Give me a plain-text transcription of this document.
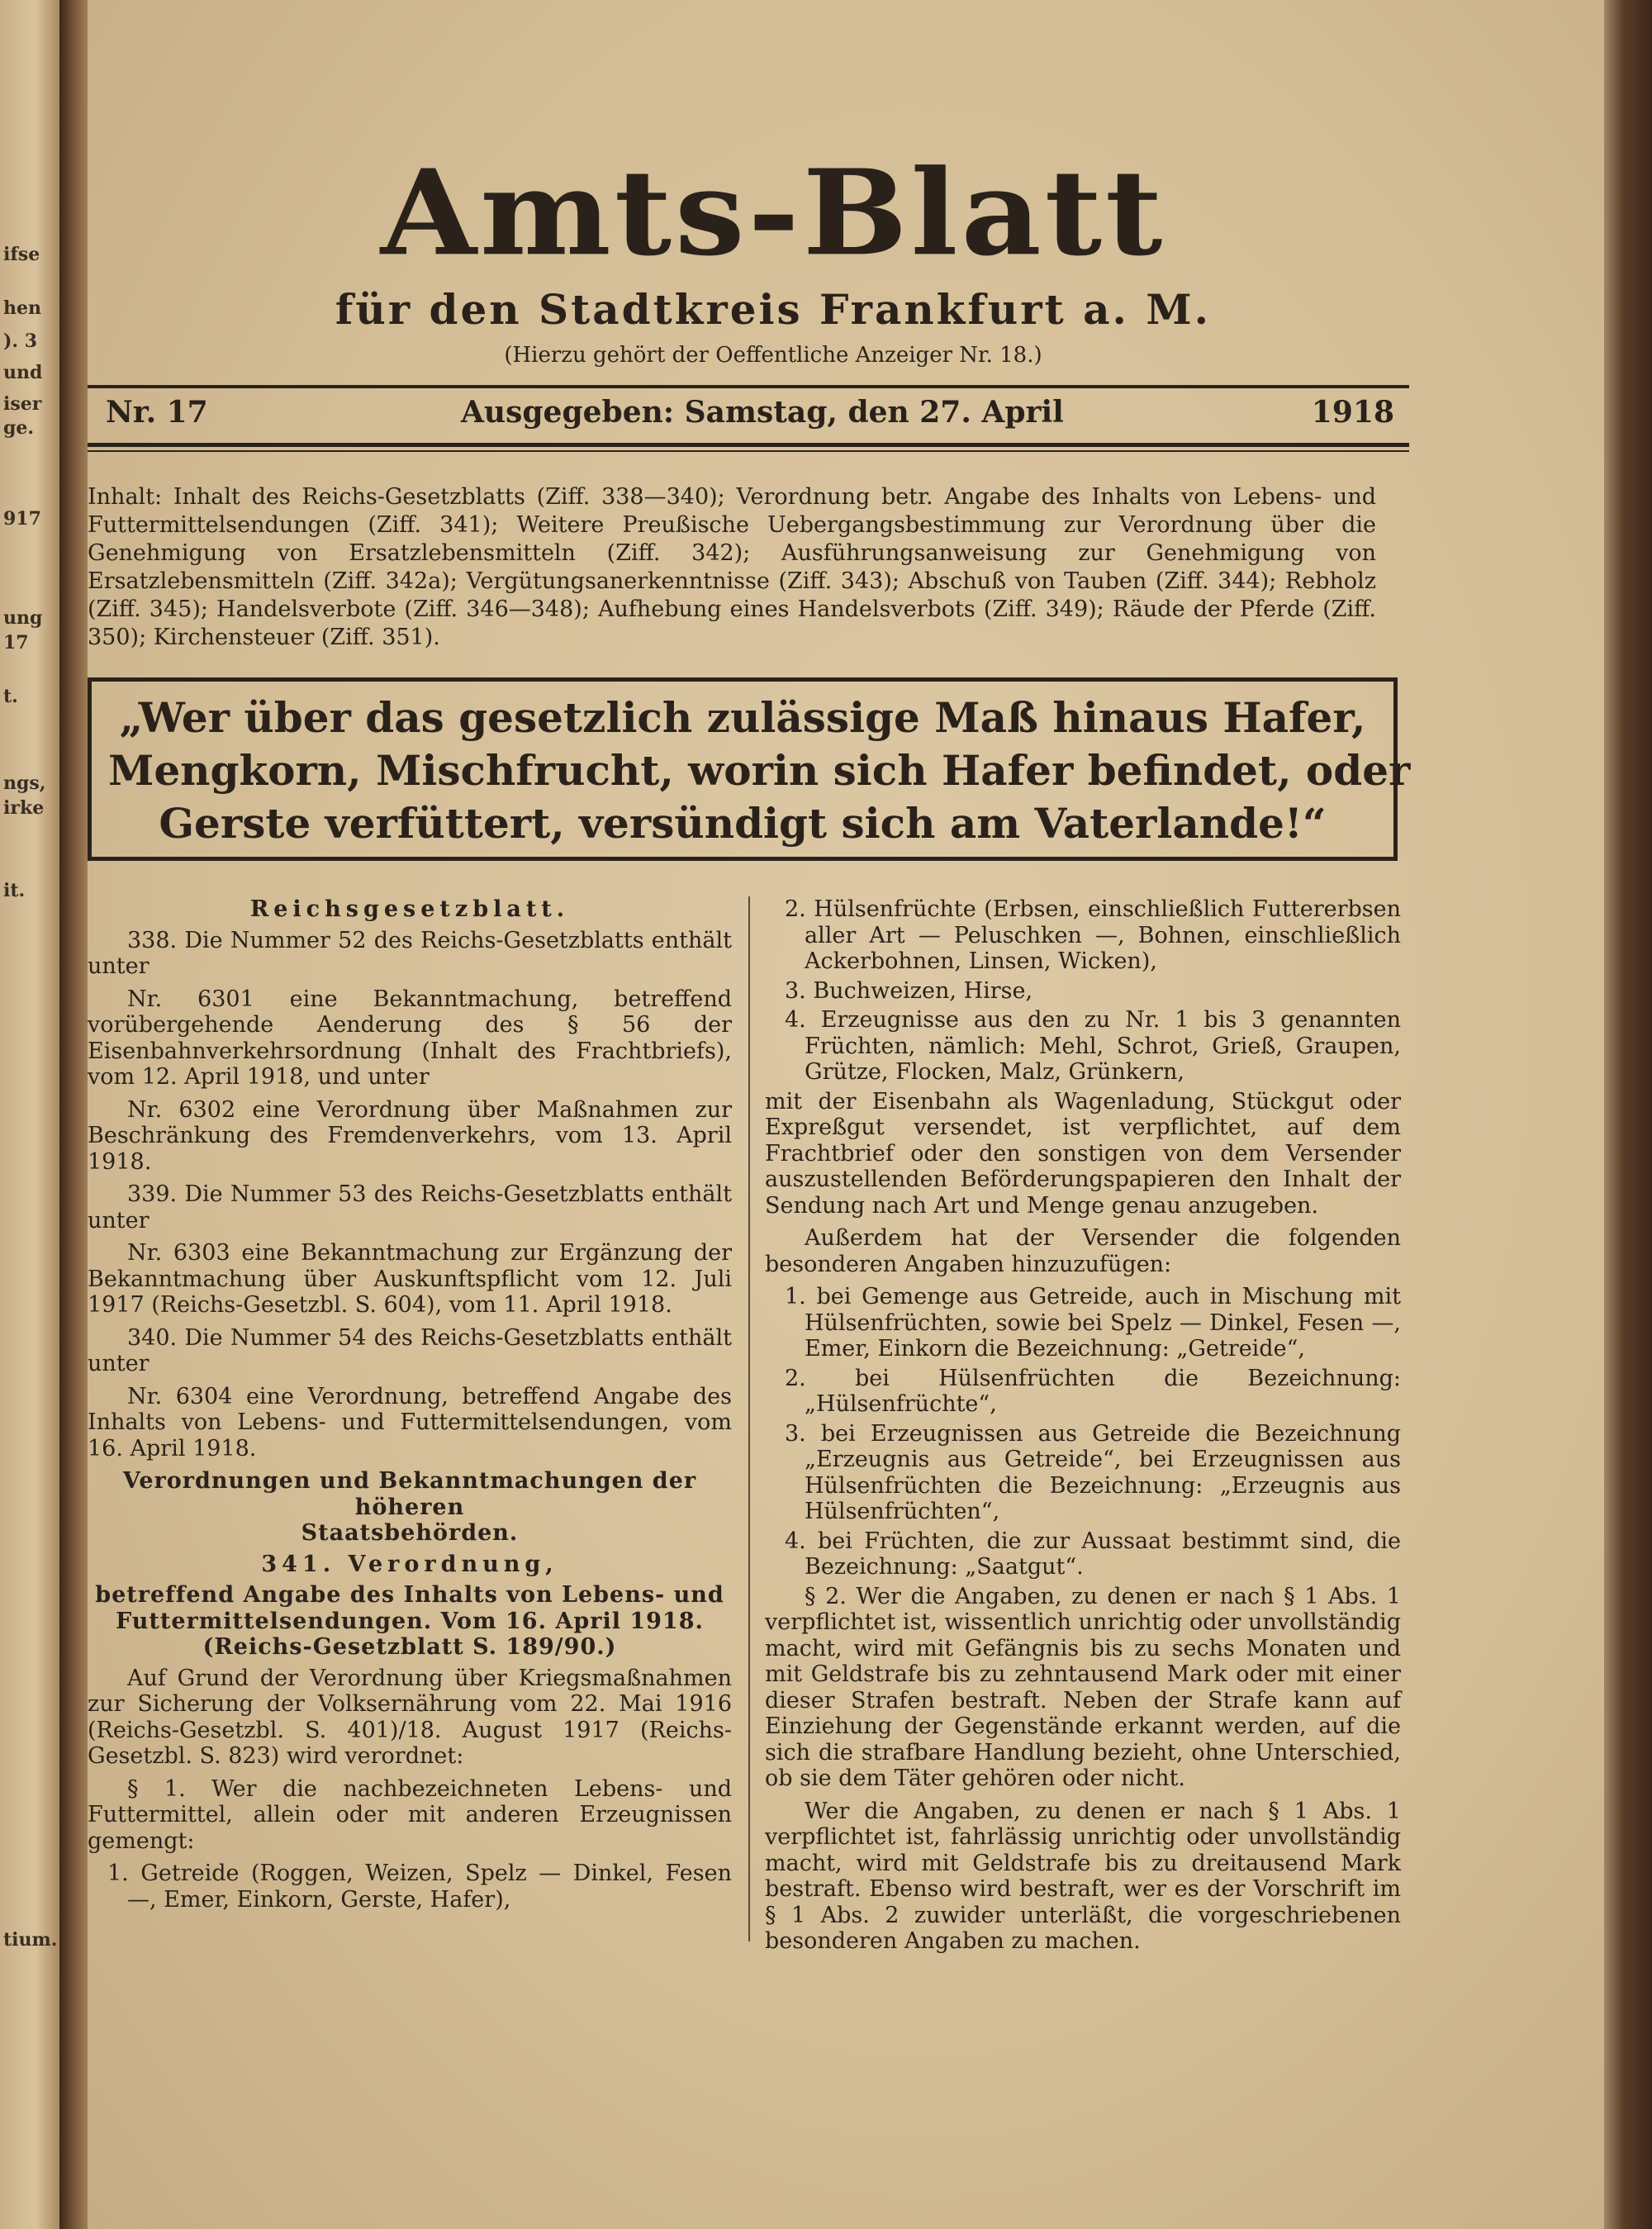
ifse
hen
). 3
und
iser
ge.
917
ung
17
t.
ngs,
irke
it.
tium.
Amts-Blatt
für den Stadtkreis Frankfurt a. M.
(Hierzu gehört der Oeffentliche Anzeiger Nr. 18.)
Nr. 17	Ausgegeben: Samstag, den 27. April	1918
Inhalt: Inhalt des Reichs-Gesetzblatts (Ziff. 338—340); Verordnung betr. Angabe des Inhalts von Lebens- und Futtermittelsendungen (Ziff. 341); Weitere Preußische Uebergangsbestimmung zur Verordnung über die Genehmigung von Ersatzlebensmitteln (Ziff. 342); Ausführungsanweisung zur Genehmigung von Ersatzlebensmitteln (Ziff. 342a); Vergütungsanerkenntnisse (Ziff. 343); Abschuß von Tauben (Ziff. 344); Rebholz (Ziff. 345); Handelsverbote (Ziff. 346—348); Aufhebung eines Handelsverbots (Ziff. 349); Räude der Pferde (Ziff. 350); Kirchensteuer (Ziff. 351).
„Wer über das gesetzlich zulässige Maß hinaus Hafer,
Mengkorn, Mischfrucht, worin sich Hafer befindet, oder
Gerste verfüttert, versündigt sich am Vaterlande!“
Reichsgesetzblatt.

338. Die Nummer 52 des Reichs-Gesetzblatts enthält unter

Nr. 6301 eine Bekanntmachung, betreffend vorübergehende Aenderung des § 56 der Eisenbahnverkehrsordnung (Inhalt des Frachtbriefs), vom 12. April 1918, und unter

Nr. 6302 eine Verordnung über Maßnahmen zur Beschränkung des Fremdenverkehrs, vom 13. April 1918.

339. Die Nummer 53 des Reichs-Gesetzblatts enthält unter

Nr. 6303 eine Bekanntmachung zur Ergänzung der Bekanntmachung über Auskunftspflicht vom 12. Juli 1917 (Reichs-Gesetzbl. S. 604), vom 11. April 1918.

340. Die Nummer 54 des Reichs-Gesetzblatts enthält unter

Nr. 6304 eine Verordnung, betreffend Angabe des Inhalts von Lebens- und Futtermittelsendungen, vom 16. April 1918.

Verordnungen und Bekanntmachungen der höheren
Staatsbehörden.
341. Verordnung,
betreffend Angabe des Inhalts von Lebens- und
Futtermittelsendungen. Vom 16. April 1918.
(Reichs-Gesetzblatt S. 189/90.)

Auf Grund der Verordnung über Kriegsmaßnahmen zur Sicherung der Volksernährung vom 22. Mai 1916 (Reichs-Gesetzbl. S. 401)/18. August 1917 (Reichs-Gesetzbl. S. 823) wird verordnet:

§ 1. Wer die nachbezeichneten Lebens- und Futtermittel, allein oder mit anderen Erzeugnissen gemengt:

1. Getreide (Roggen, Weizen, Spelz — Dinkel, Fesen —, Emer, Einkorn, Gerste, Hafer),

2. Hülsenfrüchte (Erbsen, einschließlich Futtererbsen aller Art — Peluschken —, Bohnen, einschließlich Ackerbohnen, Linsen, Wicken),

3. Buchweizen, Hirse,

4. Erzeugnisse aus den zu Nr. 1 bis 3 genannten Früchten, nämlich: Mehl, Schrot, Grieß, Graupen, Grütze, Flocken, Malz, Grünkern,

mit der Eisenbahn als Wagenladung, Stückgut oder Expreßgut versendet, ist verpflichtet, auf dem Frachtbrief oder den sonstigen von dem Versender auszustellenden Beförderungspapieren den Inhalt der Sendung nach Art und Menge genau anzugeben.

Außerdem hat der Versender die folgenden besonderen Angaben hinzuzufügen:

1. bei Gemenge aus Getreide, auch in Mischung mit Hülsenfrüchten, sowie bei Spelz — Dinkel, Fesen —, Emer, Einkorn die Bezeichnung: „Getreide“,

2. bei Hülsenfrüchten die Bezeichnung: „Hülsenfrüchte“,

3. bei Erzeugnissen aus Getreide die Bezeichnung „Erzeugnis aus Getreide“, bei Erzeugnissen aus Hülsenfrüchten die Bezeichnung: „Erzeugnis aus Hülsenfrüchten“,

4. bei Früchten, die zur Aussaat bestimmt sind, die Bezeichnung: „Saatgut“.

§ 2. Wer die Angaben, zu denen er nach § 1 Abs. 1 verpflichtet ist, wissentlich unrichtig oder unvollständig macht, wird mit Gefängnis bis zu sechs Monaten und mit Geldstrafe bis zu zehntausend Mark oder mit einer dieser Strafen bestraft. Neben der Strafe kann auf Einziehung der Gegenstände erkannt werden, auf die sich die strafbare Handlung bezieht, ohne Unterschied, ob sie dem Täter gehören oder nicht.

Wer die Angaben, zu denen er nach § 1 Abs. 1 verpflichtet ist, fahrlässig unrichtig oder unvollständig macht, wird mit Geldstrafe bis zu dreitausend Mark bestraft. Ebenso wird bestraft, wer es der Vorschrift im § 1 Abs. 2 zuwider unterläßt, die vorgeschriebenen besonderen Angaben zu machen.
